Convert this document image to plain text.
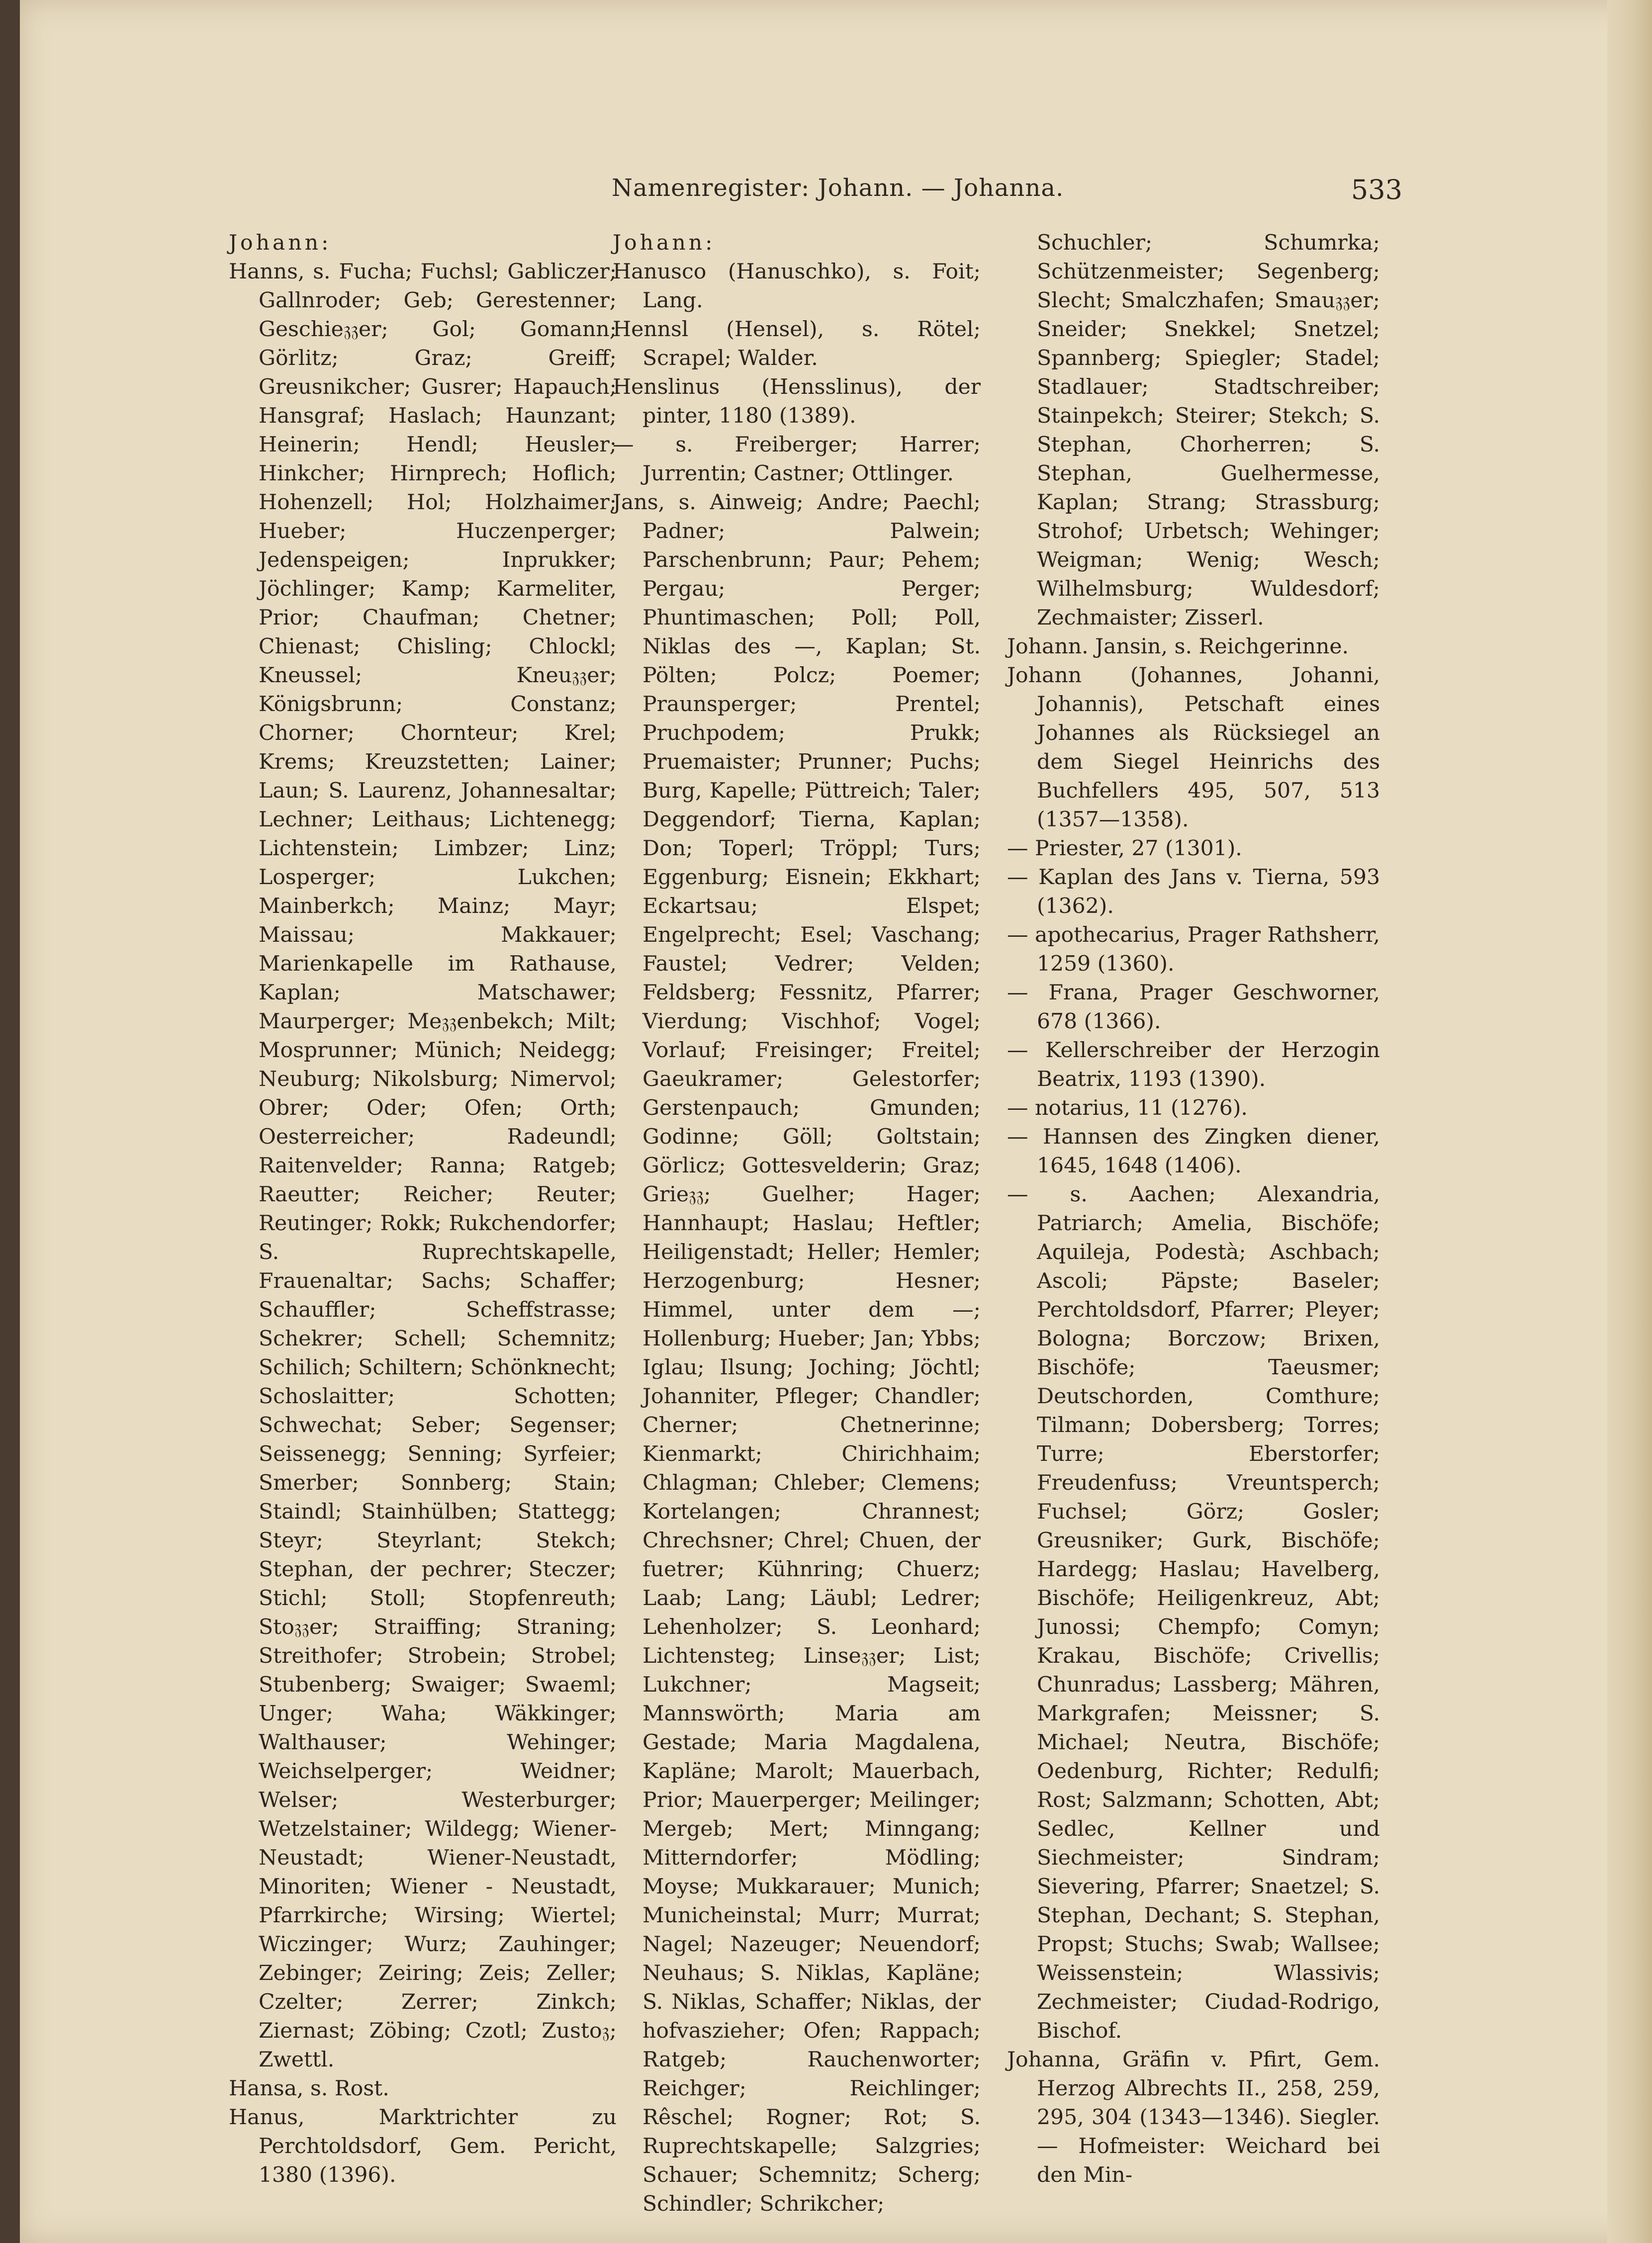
Namenregister: Johann. — Johanna.	533

Johann:

Hanns, s. Fucha; Fuchsl; Gabliczer; Gallnroder; Geb; Gerestenner; Geschie𝔷𝔷er; Gol; Gomann; Görlitz; Graz; Greiff; Greusnikcher; Gusrer; Hapauch; Hansgraf; Haslach; Haunzant; Heinerin; Hendl; Heusler; Hinkcher; Hirnprech; Hoflich; Hohenzell; Hol; Holzhaimer; Hueber; Huczenperger; Jedenspeigen; Inprukker; Jöchlinger; Kamp; Karmeliter, Prior; Chaufman; Chetner; Chienast; Chisling; Chlockl; Kneussel; Kneu𝔷𝔷er; Königsbrunn; Constanz; Chorner; Chornteur; Krel; Krems; Kreuzstetten; Lainer; Laun; S. Laurenz, Johannesaltar; Lechner; Leithaus; Lichtenegg; Lichtenstein; Limbzer; Linz; Losperger; Lukchen; Mainberkch; Mainz; Mayr; Maissau; Makkauer; Marienkapelle im Rathause, Kaplan; Matschawer; Maurperger; Me𝔷𝔷enbekch; Milt; Mosprunner; Münich; Neidegg; Neuburg; Nikolsburg; Nimervol; Obrer; Oder; Ofen; Orth; Oesterreicher; Radeundl; Raitenvelder; Ranna; Ratgeb; Raeutter; Reicher; Reuter; Reutinger; Rokk; Rukchendorfer; S. Ruprechtskapelle, Frauenaltar; Sachs; Schaffer; Schauffler; Scheffstrasse; Schekrer; Schell; Schemnitz; Schilich; Schiltern; Schönknecht; Schoslaitter; Schotten; Schwechat; Seber; Segenser; Seissenegg; Senning; Syrfeier; Smerber; Sonnberg; Stain; Staindl; Stainhülben; Stattegg; Steyr; Steyrlant; Stekch; Stephan, der pechrer; Steczer; Stichl; Stoll; Stopfenreuth; Sto𝔷𝔷er; Straiffing; Straning; Streithofer; Strobein; Strobel; Stubenberg; Swaiger; Swaeml; Unger; Waha; Wäkkinger; Walthauser; Wehinger; Weichselperger; Weidner; Welser; Westerburger; Wetzelstainer; Wildegg; Wiener-Neustadt; Wiener-Neustadt, Minoriten; Wiener - Neustadt, Pfarrkirche; Wirsing; Wiertel; Wiczinger; Wurz; Zauhinger; Zebinger; Zeiring; Zeis; Zeller; Czelter; Zerrer; Zinkch; Ziernast; Zöbing; Czotl; Zusto𝔷; Zwettl.

Hansa, s. Rost.

Hanus, Marktrichter zu Perchtoldsdorf, Gem. Pericht, 1380 (1396).

Johann:

Hanusco (Hanuschko), s. Foit; Lang.

Hennsl (Hensel), s. Rötel; Scrapel; Walder.

Henslinus (Hensslinus), der pinter, 1180 (1389).

— s. Freiberger; Harrer; Jurrentin; Castner; Ottlinger.

Jans, s. Ainweig; Andre; Paechl; Padner; Palwein; Parschenbrunn; Paur; Pehem; Pergau; Perger; Phuntimaschen; Poll; Poll, Niklas des —, Kaplan; St. Pölten; Polcz; Poemer; Praunsperger; Prentel; Pruchpodem; Prukk; Pruemaister; Prunner; Puchs; Burg, Kapelle; Püttreich; Taler; Deggendorf; Tierna, Kaplan; Don; Toperl; Tröppl; Turs; Eggenburg; Eisnein; Ekkhart; Eckartsau; Elspet; Engelprecht; Esel; Vaschang; Faustel; Vedrer; Velden; Feldsberg; Fessnitz, Pfarrer; Vierdung; Vischhof; Vogel; Vorlauf; Freisinger; Freitel; Gaeukramer; Gelestorfer; Gerstenpauch; Gmunden; Godinne; Göll; Goltstain; Görlicz; Gottesvelderin; Graz; Grie𝔷𝔷; Guelher; Hager; Hannhaupt; Haslau; Heftler; Heiligenstadt; Heller; Hemler; Herzogenburg; Hesner; Himmel, unter dem —; Hollenburg; Hueber; Jan; Ybbs; Iglau; Ilsung; Joching; Jöchtl; Johanniter, Pfleger; Chandler; Cherner; Chetnerinne; Kienmarkt; Chirichhaim; Chlagman; Chleber; Clemens; Kortelangen; Chrannest; Chrechsner; Chrel; Chuen, der fuetrer; Kühnring; Chuerz; Laab; Lang; Läubl; Ledrer; Lehenholzer; S. Leonhard; Lichtensteg; Linse𝔷𝔷er; List; Lukchner; Magseit; Mannswörth; Maria am Gestade; Maria Magdalena, Kapläne; Marolt; Mauerbach, Prior; Mauerperger; Meilinger; Mergeb; Mert; Minngang; Mitterndorfer; Mödling; Moyse; Mukkarauer; Munich; Municheinstal; Murr; Murrat; Nagel; Nazeuger; Neuendorf; Neuhaus; S. Niklas, Kapläne; S. Niklas, Schaffer; Niklas, der hofvaszieher; Ofen; Rappach; Ratgeb; Rauchenworter; Reichger; Reichlinger; Rêschel; Rogner; Rot; S. Ruprechtskapelle; Salzgries; Schauer; Schemnitz; Scherg; Schindler; Schrikcher;

Schuchler; Schumrka; Schützenmeister; Segenberg; Slecht; Smalczhafen; Smau𝔷𝔷er; Sneider; Snekkel; Snetzel; Spannberg; Spiegler; Stadel; Stadlauer; Stadtschreiber; Stainpekch; Steirer; Stekch; S. Stephan, Chorherren; S. Stephan, Guelhermesse, Kaplan; Strang; Strassburg; Strohof; Urbetsch; Wehinger; Weigman; Wenig; Wesch; Wilhelmsburg; Wuldesdorf; Zechmaister; Zisserl.

Johann. Jansin, s. Reichgerinne.

Johann (Johannes, Johanni, Johannis), Petschaft eines Johannes als Rücksiegel an dem Siegel Heinrichs des Buchfellers 495, 507, 513 (1357—1358).

— Priester, 27 (1301).

— Kaplan des Jans v. Tierna, 593 (1362).

— apothecarius, Prager Rathsherr, 1259 (1360).

— Frana, Prager Geschworner, 678 (1366).

— Kellerschreiber der Herzogin Beatrix, 1193 (1390).

— notarius, 11 (1276).

— Hannsen des Zingken diener, 1645, 1648 (1406).

— s. Aachen; Alexandria, Patriarch; Amelia, Bischöfe; Aquileja, Podestà; Aschbach; Ascoli; Päpste; Baseler; Perchtoldsdorf, Pfarrer; Pleyer; Bologna; Borczow; Brixen, Bischöfe; Taeusmer; Deutschorden, Comthure; Tilmann; Dobersberg; Torres; Turre; Eberstorfer; Freudenfuss; Vreuntsperch; Fuchsel; Görz; Gosler; Greusniker; Gurk, Bischöfe; Hardegg; Haslau; Havelberg, Bischöfe; Heiligenkreuz, Abt; Junossi; Chempfo; Comyn; Krakau, Bischöfe; Crivellis; Chunradus; Lassberg; Mähren, Markgrafen; Meissner; S. Michael; Neutra, Bischöfe; Oedenburg, Richter; Redulfi; Rost; Salzmann; Schotten, Abt; Sedlec, Kellner und Siechmeister; Sindram; Sievering, Pfarrer; Snaetzel; S. Stephan, Dechant; S. Stephan, Propst; Stuchs; Swab; Wallsee; Weissenstein; Wlassivis; Zechmeister; Ciudad-Rodrigo, Bischof.

Johanna, Gräfin v. Pfirt, Gem. Herzog Albrechts II., 258, 259, 295, 304 (1343—1346). Siegler. — Hofmeister: Weichard bei den Min-
